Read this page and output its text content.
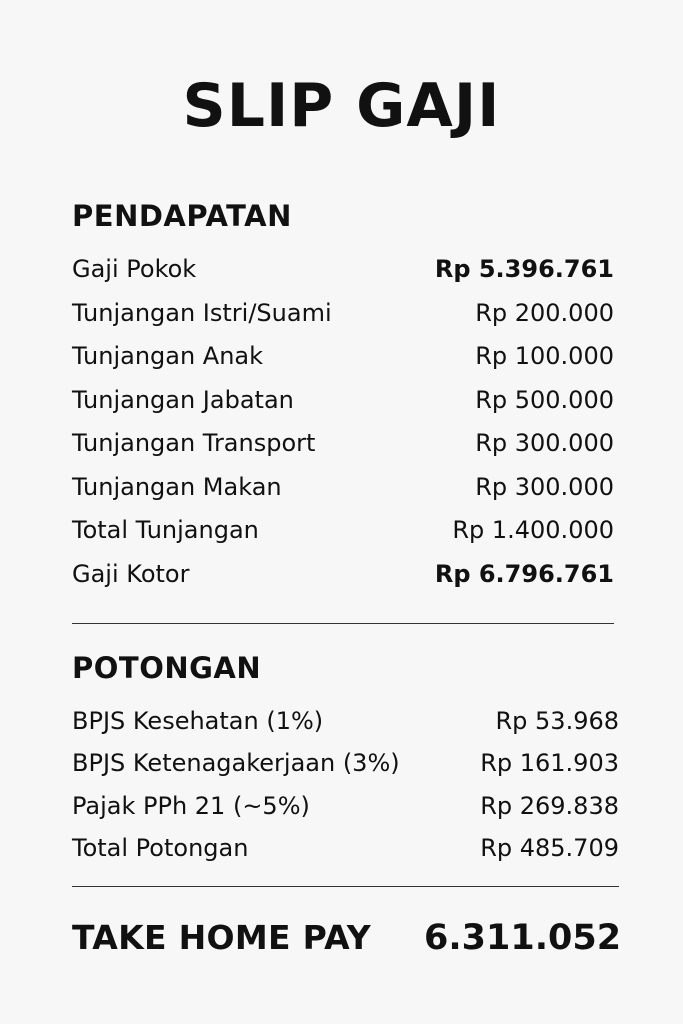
SLIP GAJI
PENDAPATAN
Gaji Pokok	Rp 5.396.761
Tunjangan Istri/Suami	Rp 200.000
Tunjangan Anak	Rp 100.000
Tunjangan Jabatan	Rp 500.000
Tunjangan Transport	Rp 300.000
Tunjangan Makan	Rp 300.000
Total Tunjangan	Rp 1.400.000
Gaji Kotor	Rp 6.796.761
POTONGAN
BPJS Kesehatan (1%)	Rp 53.968
BPJS Ketenagakerjaan (3%)	Rp 161.903
Pajak PPh 21 (~5%)	Rp 269.838
Total Potongan	Rp 485.709
TAKE HOME PAY 6.311.052
